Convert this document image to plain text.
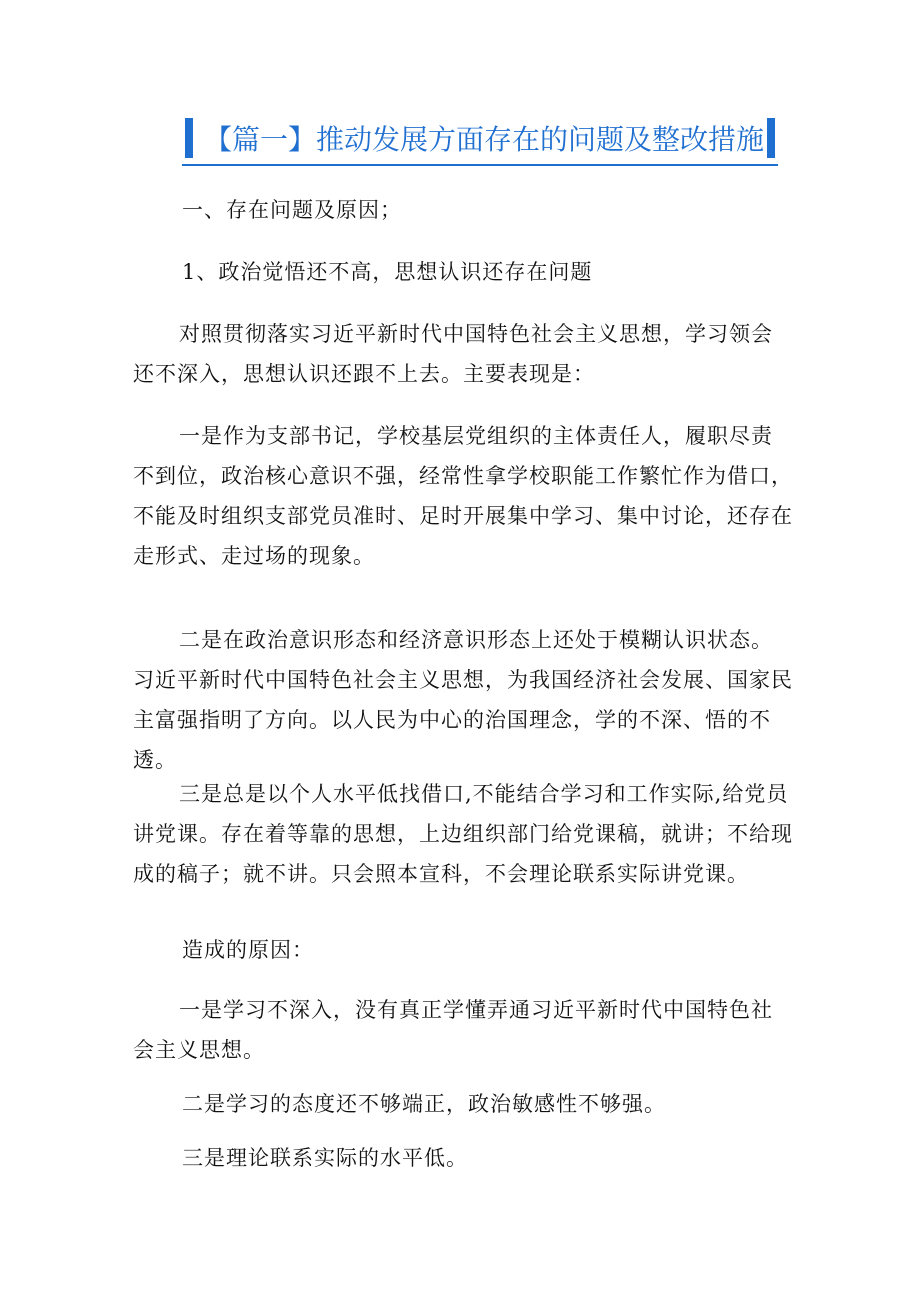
【篇一】推动发展方面存在的问题及整改措施

一、存在问题及原因；

1、政治觉悟还不高，思想认识还存在问题

对照贯彻落实习近平新时代中国特色社会主义思想，学习领会还不深入，思想认识还跟不上去。主要表现是：

一是作为支部书记，学校基层党组织的主体责任人，履职尽责不到位，政治核心意识不强，经常性拿学校职能工作繁忙作为借口，不能及时组织支部党员准时、足时开展集中学习、集中讨论，还存在走形式、走过场的现象。

二是在政治意识形态和经济意识形态上还处于模糊认识状态。习近平新时代中国特色社会主义思想，为我国经济社会发展、国家民主富强指明了方向。以人民为中心的治国理念，学的不深、悟的不透。

三是总是以个人水平低找借口,不能结合学习和工作实际,给党员讲党课。存在着等靠的思想，上边组织部门给党课稿，就讲；不给现成的稿子；就不讲。只会照本宣科，不会理论联系实际讲党课。

造成的原因：

一是学习不深入，没有真正学懂弄通习近平新时代中国特色社会主义思想。

二是学习的态度还不够端正，政治敏感性不够强。

三是理论联系实际的水平低。
